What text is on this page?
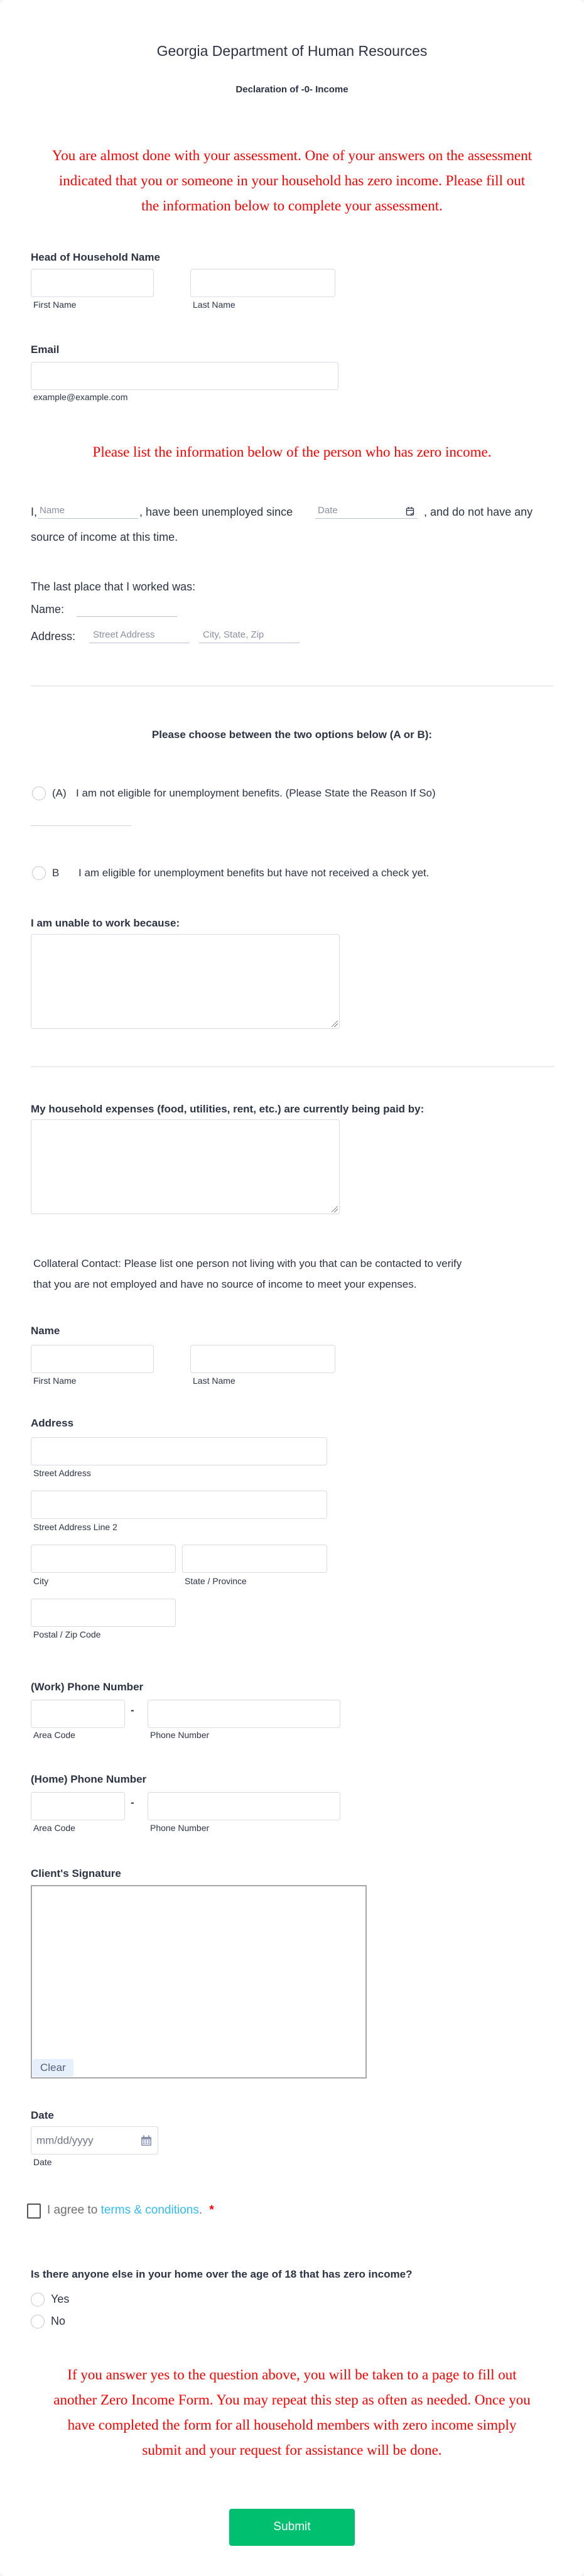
Georgia Department of Human Resources
Declaration of -0- Income
You are almost done with your assessment. One of your answers on the assessment
indicated that you or someone in your household has zero income. Please fill out
the information below to complete your assessment.
Head of Household Name
First Name	Last Name
Email
example@example.com
Please list the information below of the person who has zero income.
I, Name	, have been unemployed since	Date	, and do not have any
source of income at this time.
The last place that I worked was:
Name:
Address:	Street Address	City, State, Zip
Please choose between the two options below (A or B):
(A) I am not eligible for unemployment benefits. (Please State the Reason If So)
B I am eligible for unemployment benefits but have not received a check yet.
I am unable to work because:
My household expenses (food, utilities, rent, etc.) are currently being paid by:
Collateral Contact: Please list one person not living with you that can be contacted to verify
that you are not employed and have no source of income to meet your expenses.
Name
First Name	Last Name
Address
Street Address
Street Address Line 2
City	State / Province
Postal / Zip Code
(Work) Phone Number
-
Area Code	Phone Number
(Home) Phone Number
-
Area Code	Phone Number
Client's Signature
Clear
Date
mm/dd/yyyy
Date
I agree to terms & conditions. *
Is there anyone else in your home over the age of 18 that has zero income?
Yes
No
If you answer yes to the question above, you will be taken to a page to fill out
another Zero Income Form. You may repeat this step as often as needed. Once you
have completed the form for all household members with zero income simply
submit and your request for assistance will be done.
Submit
